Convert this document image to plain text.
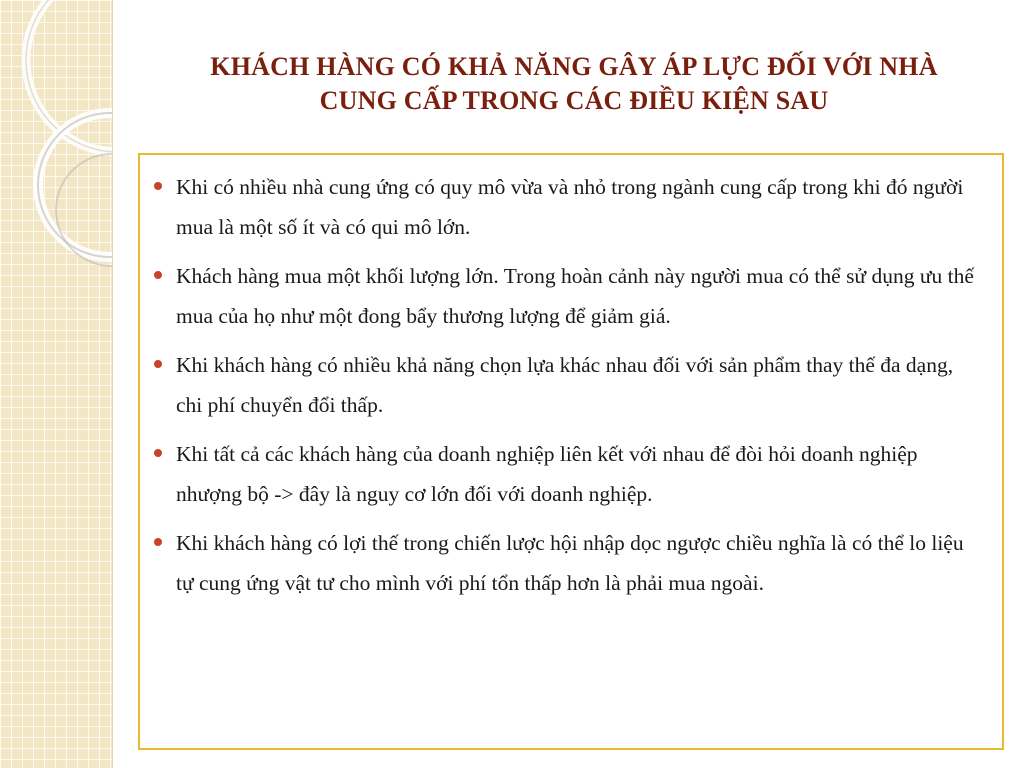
KHÁCH HÀNG CÓ KHẢ NĂNG GÂY ÁP LỰC ĐỐI VỚI NHÀ
CUNG CẤP TRONG CÁC ĐIỀU KIỆN SAU
Khi có nhiều nhà cung ứng có quy mô vừa và nhỏ trong ngành cung cấp trong khi đó người mua là một số ít và có qui mô lớn.
Khách hàng mua một khối lượng lớn. Trong hoàn cảnh này người mua có thể sử dụng ưu thế mua của họ như một đong bẩy thương lượng để giảm giá.
Khi khách hàng có nhiều khả năng chọn lựa khác nhau đối với sản phẩm thay thế đa dạng, chi phí chuyển đổi thấp.
Khi tất cả các khách hàng của doanh nghiệp liên kết với nhau để đòi hỏi doanh nghiệp nhượng bộ -> đây là nguy cơ lớn đối với doanh nghiệp.
Khi khách hàng có lợi thế trong chiến lược hội nhập dọc ngược chiều nghĩa là có thể lo liệu tự cung ứng vật tư cho mình với phí tổn thấp hơn là phải mua ngoài.
